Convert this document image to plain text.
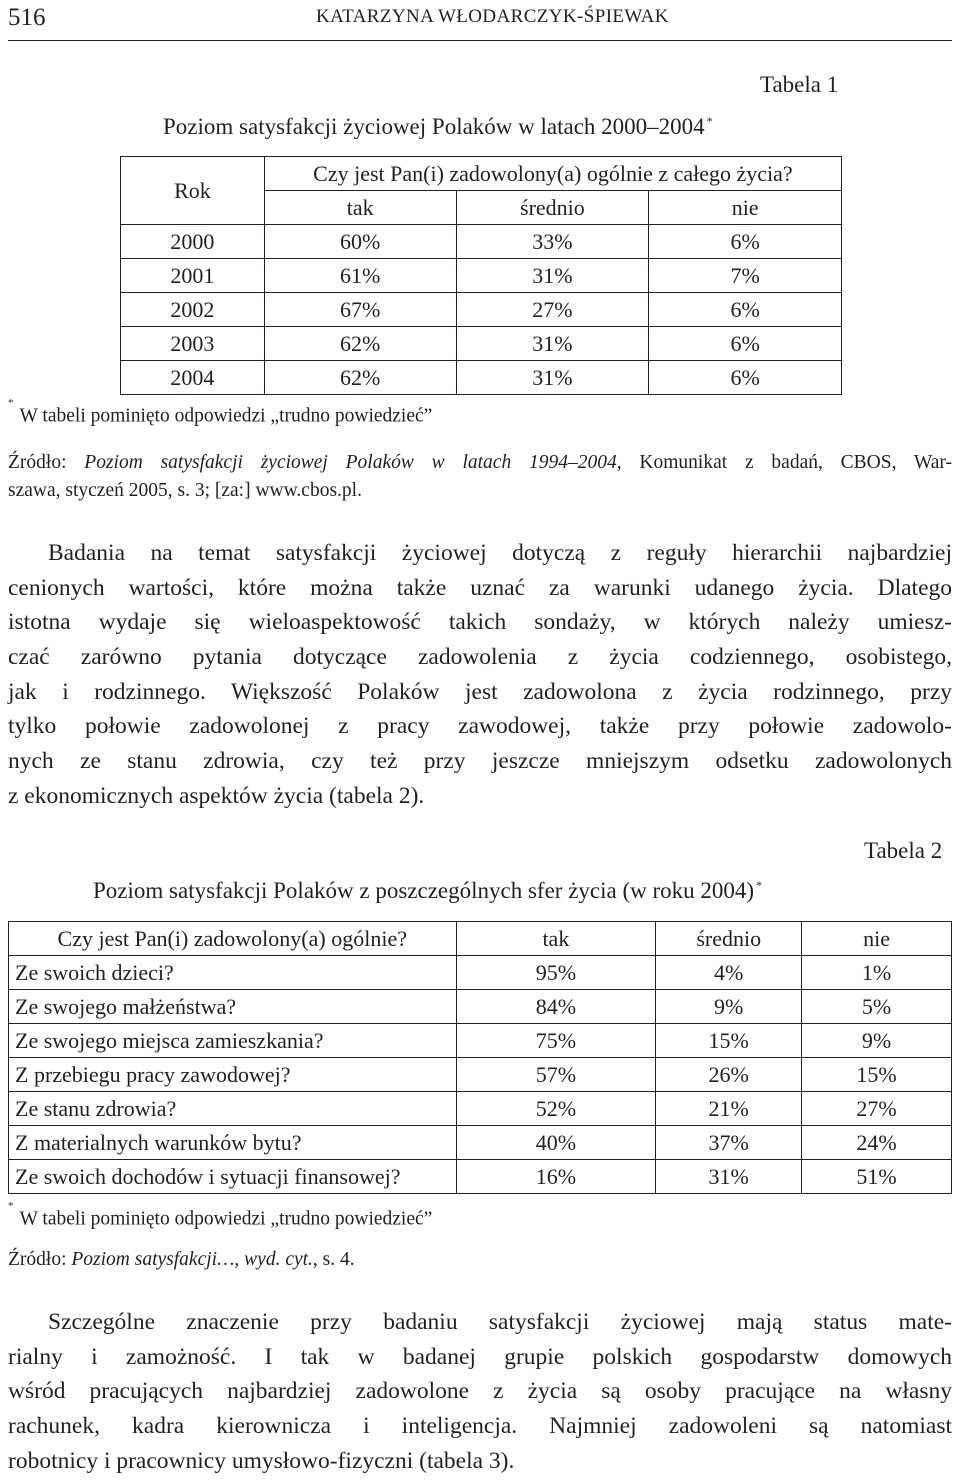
516	KATARZYNA WŁODARCZYK-ŚPIEWAK
Tabela 1
Poziom satysfakcji życiowej Polaków w latach 2000–2004 *
Rok	Czy jest Pan(i) zadowolony(a) ogólnie z całego życia?		
	tak	średnio	nie
2000	60%	33%	6%
2001	61%	31%	7%
2002	67%	27%	6%
2003	62%	31%	6%
2004	62%	31%	6%
*W tabeli pominięto odpowiedzi „trudno powiedzieć”
Źródło: Poziom satysfakcji życiowej Polaków w latach 1994–2004, Komunikat z badań, CBOS, War-
szawa, styczeń 2005, s. 3; [za:] www.cbos.pl.
Badania na temat satysfakcji życiowej dotyczą z reguły hierarchii najbardziej
cenionych wartości, które można także uznać za warunki udanego życia. Dlatego
istotna wydaje się wieloaspektowość takich sondaży, w których należy umiesz-
czać zarówno pytania dotyczące zadowolenia z życia codziennego, osobistego,
jak i rodzinnego. Większość Polaków jest zadowolona z życia rodzinnego, przy
tylko połowie zadowolonej z pracy zawodowej, także przy połowie zadowolo-
nych ze stanu zdrowia, czy też przy jeszcze mniejszym odsetku zadowolonych
z ekonomicznych aspektów życia (tabela 2).
Tabela 2
Poziom satysfakcji Polaków z poszczególnych sfer życia (w roku 2004) *
Czy jest Pan(i) zadowolony(a) ogólnie?	tak	średnio	nie
Ze swoich dzieci?	95%	4%	1%
Ze swojego małżeństwa?	84%	9%	5%
Ze swojego miejsca zamieszkania?	75%	15%	9%
Z przebiegu pracy zawodowej?	57%	26%	15%
Ze stanu zdrowia?	52%	21%	27%
Z materialnych warunków bytu?	40%	37%	24%
Ze swoich dochodów i sytuacji finansowej?	16%	31%	51%
*W tabeli pominięto odpowiedzi „trudno powiedzieć”
Źródło: Poziom satysfakcji…, wyd. cyt., s. 4.
Szczególne znaczenie przy badaniu satysfakcji życiowej mają status mate-
rialny i zamożność. I tak w badanej grupie polskich gospodarstw domowych
wśród pracujących najbardziej zadowolone z życia są osoby pracujące na własny
rachunek, kadra kierownicza i inteligencja. Najmniej zadowoleni są natomiast
robotnicy i pracownicy umysłowo-fizyczni (tabela 3).
